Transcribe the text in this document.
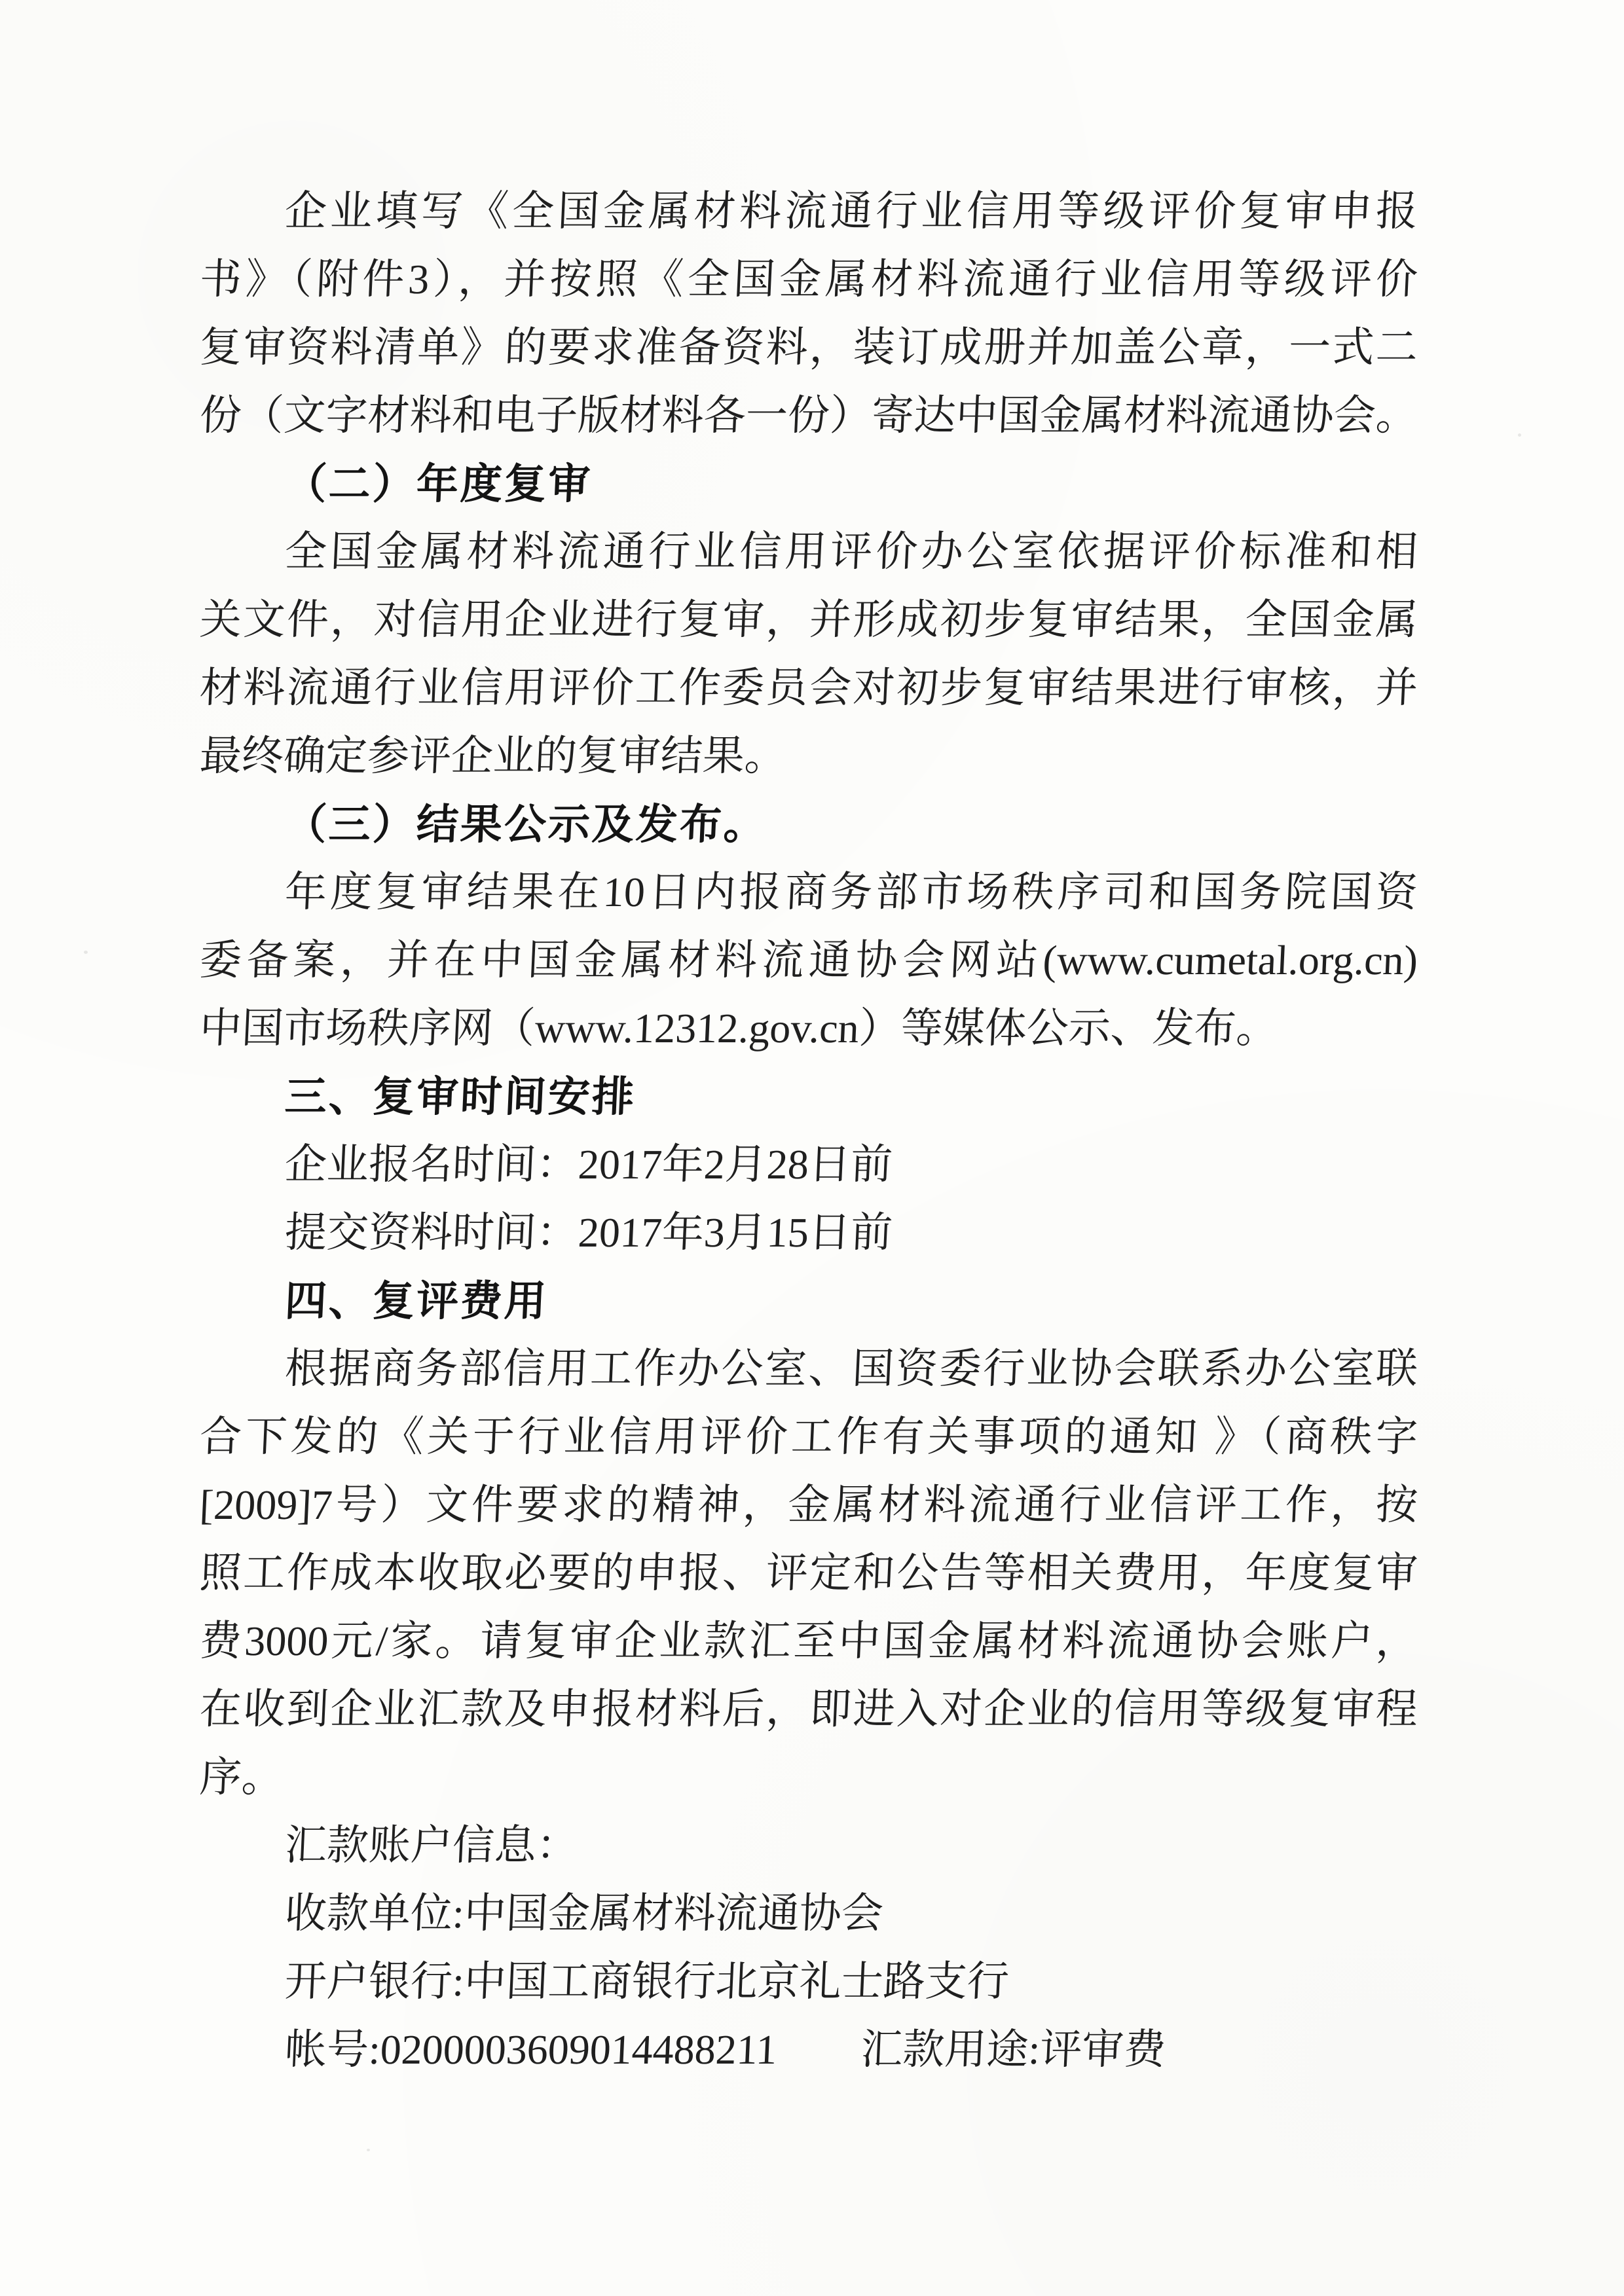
企业填写《全国金属材料流通行业信用等级评价复审申报
书》（附件3），并按照《全国金属材料流通行业信用等级评价
复审资料清单》的要求准备资料，装订成册并加盖公章，一式二
份（文字材料和电子版材料各一份）寄达中国金属材料流通协会。
（二）年度复审
全国金属材料流通行业信用评价办公室依据评价标准和相
关文件，对信用企业进行复审，并形成初步复审结果，全国金属
材料流通行业信用评价工作委员会对初步复审结果进行审核，并
最终确定参评企业的复审结果。
（三）结果公示及发布。
年度复审结果在10日内报商务部市场秩序司和国务院国资
委备案，并在中国金属材料流通协会网站(www.cumetal.org.cn)
中国市场秩序网（www.12312.gov.cn）等媒体公示、发布。
三、复审时间安排
企业报名时间：2017年2月28日前
提交资料时间：2017年3月15日前
四、复评费用
根据商务部信用工作办公室、国资委行业协会联系办公室联
合下发的《关于行业信用评价工作有关事项的通知 》（商秩字
[2009]7号）文件要求的精神，金属材料流通行业信评工作，按
照工作成本收取必要的申报、评定和公告等相关费用，年度复审
费3000元/家。请复审企业款汇至中国金属材料流通协会账户，
在收到企业汇款及申报材料后，即进入对企业的信用等级复审程
序。
汇款账户信息：
收款单位:中国金属材料流通协会
开户银行:中国工商银行北京礼士路支行
帐号:0200003609014488211　　汇款用途:评审费
